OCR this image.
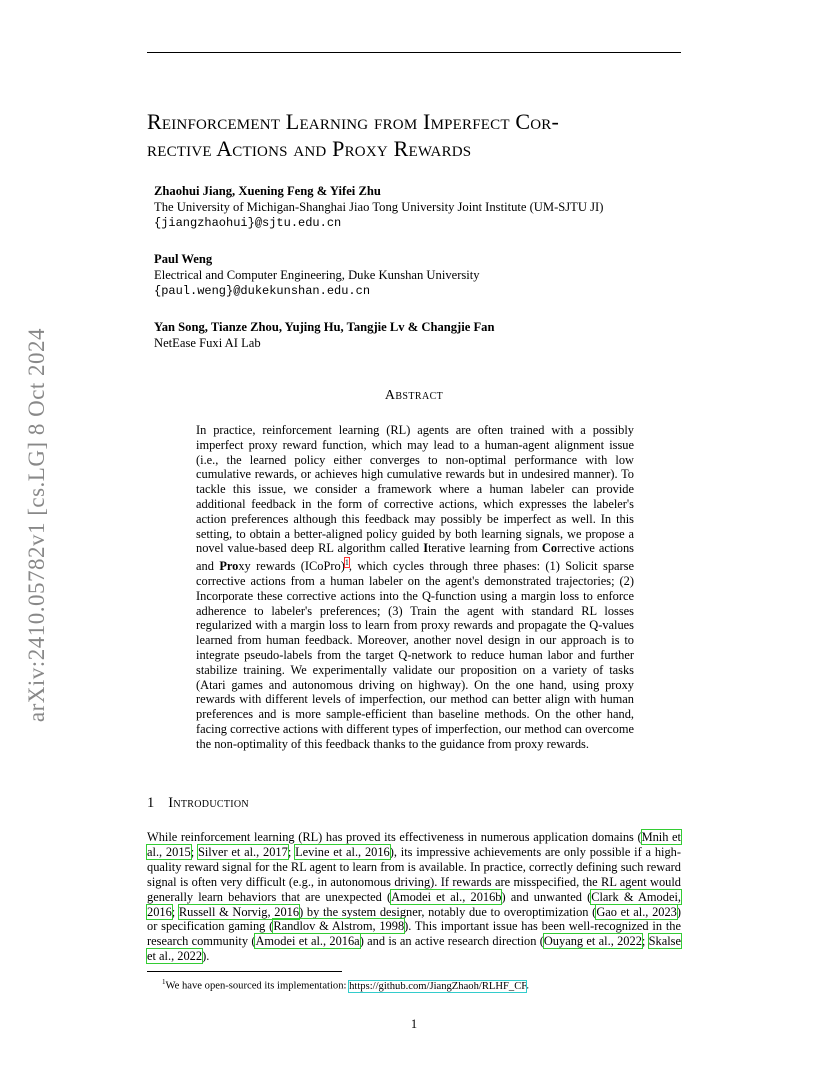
arXiv:2410.05782v1 [cs.LG] 8 Oct 2024
Reinforcement Learning from Imperfect Cor-
rective Actions and Proxy Rewards
Zhaohui Jiang, Xuening Feng & Yifei Zhu
The University of Michigan-Shanghai Jiao Tong University Joint Institute (UM-SJTU JI)
{jiangzhaohui}@sjtu.edu.cn
Paul Weng
Electrical and Computer Engineering, Duke Kunshan University
{paul.weng}@dukekunshan.edu.cn
Yan Song, Tianze Zhou, Yujing Hu, Tangjie Lv & Changjie Fan
NetEase Fuxi AI Lab
Abstract
In practice, reinforcement learning (RL) agents are often trained with a possibly imperfect proxy reward function, which may lead to a human-agent alignment issue (i.e., the learned policy either converges to non-optimal performance with low cumulative rewards, or achieves high cumulative rewards but in undesired manner). To tackle this issue, we consider a framework where a human labeler can provide additional feedback in the form of corrective actions, which expresses the labeler's action preferences although this feedback may possibly be imperfect as well. In this setting, to obtain a better-aligned policy guided by both learning signals, we propose a novel value-based deep RL algorithm called Iterative learning from Corrective actions and Proxy rewards (ICoPro)$^1$, which cycles through three phases: (1) Solicit sparse corrective actions from a human labeler on the agent's demonstrated trajectories; (2) Incorporate these corrective actions into the Q-function using a margin loss to enforce adherence to labeler's preferences; (3) Train the agent with standard RL losses regularized with a margin loss to learn from proxy rewards and propagate the Q-values learned from human feedback. Moreover, another novel design in our approach is to integrate pseudo-labels from the target Q-network to reduce human labor and further stabilize training. We experimentally validate our proposition on a variety of tasks (Atari games and autonomous driving on highway). On the one hand, using proxy rewards with different levels of imperfection, our method can better align with human preferences and is more sample-efficient than baseline methods. On the other hand, facing corrective actions with different types of imperfection, our method can overcome the non-optimality of this feedback thanks to the guidance from proxy rewards.
1 Introduction
While reinforcement learning (RL) has proved its effectiveness in numerous application domains (Mnih et al., 2015; Silver et al., 2017; Levine et al., 2016), its impressive achievements are only possible if a high-quality reward signal for the RL agent to learn from is available. In practice, correctly defining such reward signal is often very difficult (e.g., in autonomous driving). If rewards are misspecified, the RL agent would generally learn behaviors that are unexpected (Amodei et al., 2016b) and unwanted (Clark & Amodei, 2016; Russell & Norvig, 2016) by the system designer, notably due to overoptimization (Gao et al., 2023) or specification gaming (Randlov & Alstrom, 1998). This important issue has been well-recognized in the research community (Amodei et al., 2016a) and is an active research direction (Ouyang et al., 2022; Skalse et al., 2022).
$^1$We have open-sourced its implementation: https://github.com/JiangZhaoh/RLHF_CF.
1
